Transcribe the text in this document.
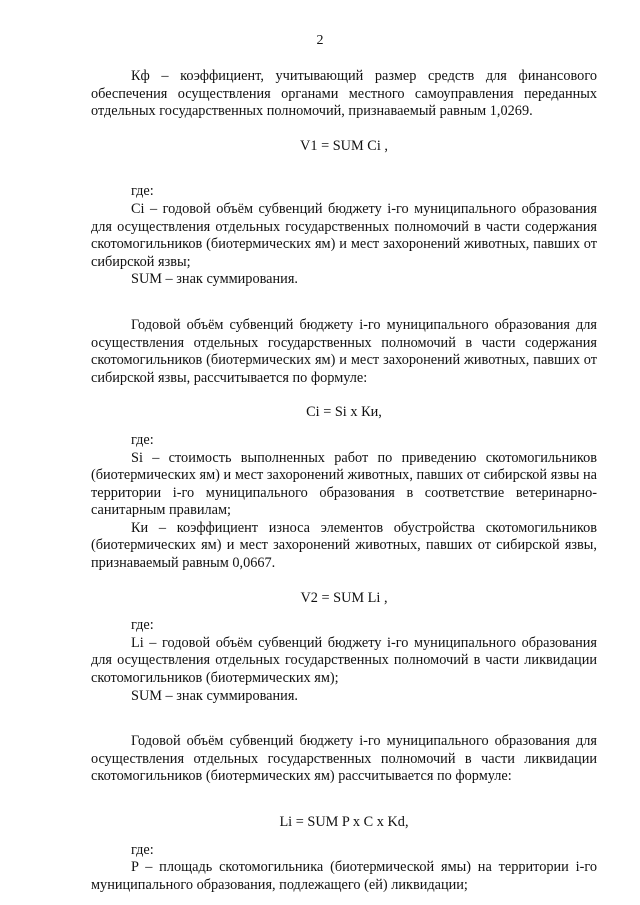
2

Кф – коэффициент, учитывающий размер средств для финансового обеспечения осуществления органами местного самоуправления переданных отдельных государственных полномочий, признаваемый равным 1,0269.

V1 = SUM Ci ,

где:

Ci – годовой объём субвенций бюджету i-го муниципального образования для осуществления отдельных государственных полномочий в части содержания скотомогильников (биотермических ям) и мест захоронений животных, павших от сибирской язвы;

SUM – знак суммирования.

Годовой объём субвенций бюджету i-го муниципального образования для осуществления отдельных государственных полномочий в части содержания скотомогильников (биотермических ям) и мест захоронений животных, павших от сибирской язвы, рассчитывается по формуле:

Ci = Si x Ки,

где:

Si – стоимость выполненных работ по приведению скотомогильников (биотермических ям) и мест захоронений животных, павших от сибирской язвы на территории i-го муниципального образования в соответствие ветеринарно-санитарным правилам;

Ки – коэффициент износа элементов обустройства скотомогильников (биотермических ям) и мест захоронений животных, павших от сибирской язвы, признаваемый равным 0,0667.

V2 = SUM Li ,

где:

Li – годовой объём субвенций бюджету i-го муниципального образования для осуществления отдельных государственных полномочий в части ликвидации скотомогильников (биотермических ям);

SUM – знак суммирования.

Годовой объём субвенций бюджету i-го муниципального образования для осуществления отдельных государственных полномочий в части ликвидации скотомогильников (биотермических ям) рассчитывается по формуле:

Li = SUM P x C x Kd,

где:

P – площадь скотомогильника (биотермической ямы) на территории i-го муниципального образования, подлежащего (ей) ликвидации;
